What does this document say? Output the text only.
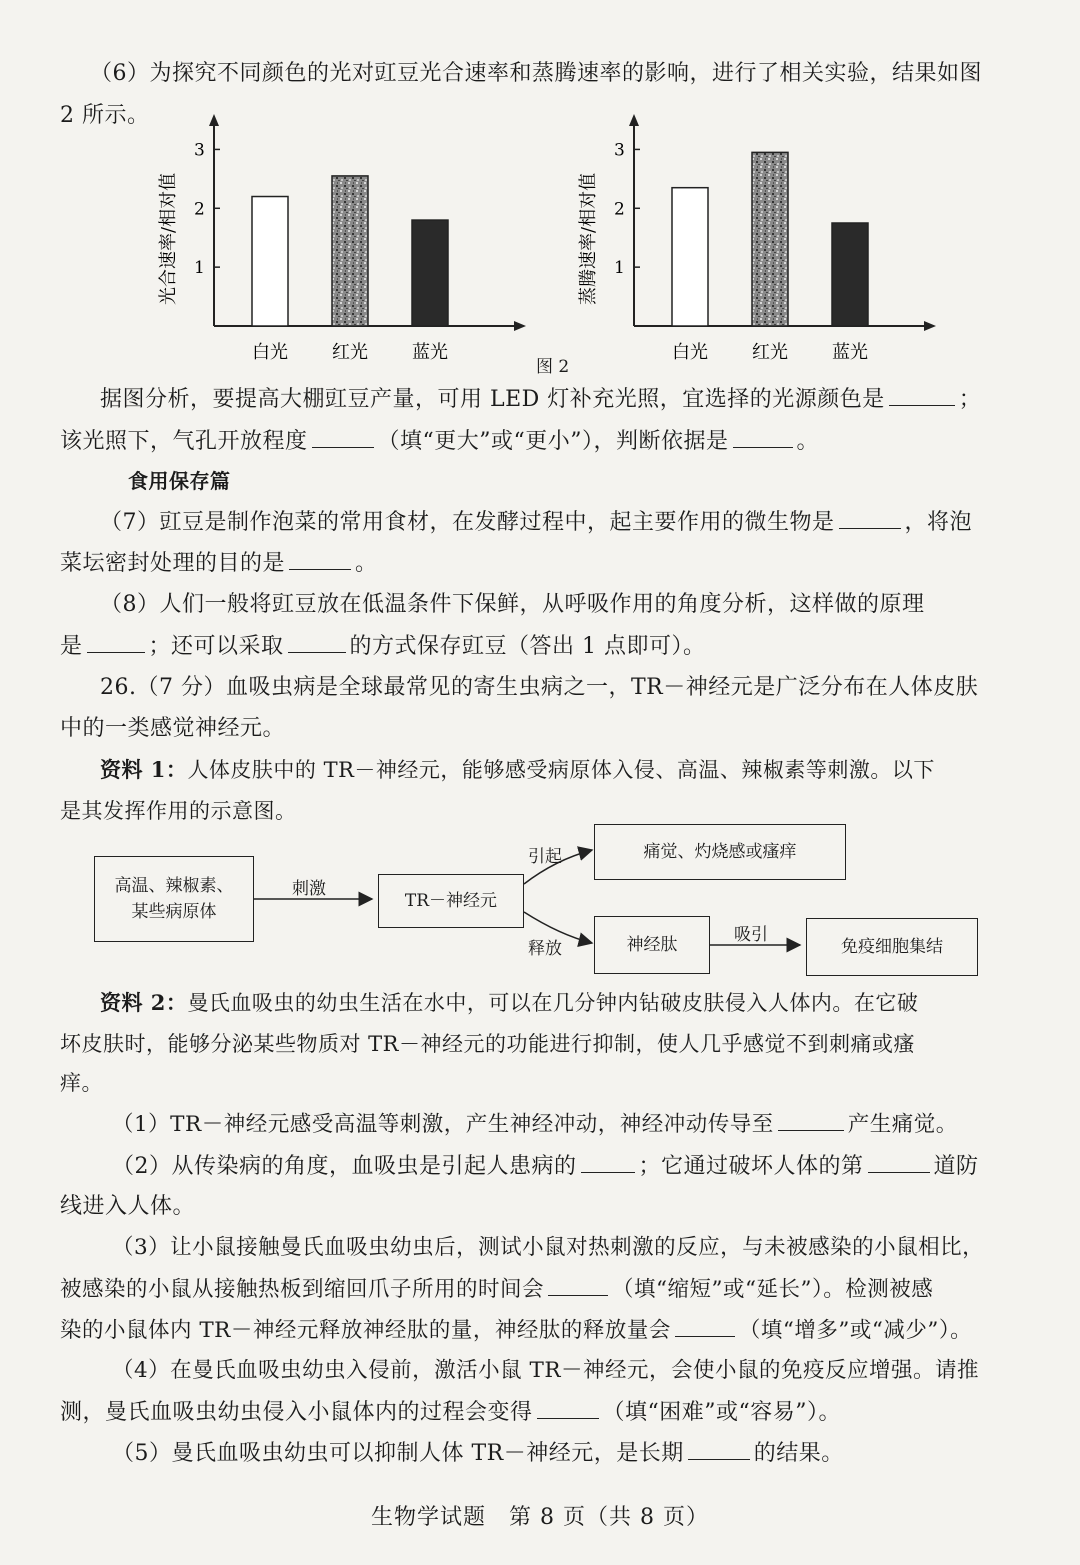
（6）为探究不同颜色的光对豇豆光合速率和蒸腾速率的影响，进行了相关实验，结果如图
2 所示。
光合速率/相对值 1
2
3
白光 红光 蓝光
蒸腾速率/相对值 1
2
3
白光 红光 蓝光
图 2
据图分析，要提高大棚豇豆产量，可用 LED 灯补充光照，宜选择的光源颜色是	；
该光照下，气孔开放程度	（填“更大”或“更小”），判断依据是	。
食用保存篇
（7）豇豆是制作泡菜的常用食材，在发酵过程中，起主要作用的微生物是	，将泡
菜坛密封处理的目的是	。
（8）人们一般将豇豆放在低温条件下保鲜，从呼吸作用的角度分析，这样做的原理
是	；还可以采取	的方式保存豇豆（答出 1 点即可）。
26.（7 分）血吸虫病是全球最常见的寄生虫病之一，TR－神经元是广泛分布在人体皮肤
中的一类感觉神经元。
资料 1：人体皮肤中的 TR－神经元，能够感受病原体入侵、高温、辣椒素等刺激。以下
是其发挥作用的示意图。
高温、辣椒素、
某些病原体
刺激
TR－神经元
引起	痛觉、灼烧感或瘙痒
释放	神经肽	吸引
免疫细胞集结
资料 2：曼氏血吸虫的幼虫生活在水中，可以在几分钟内钻破皮肤侵入人体内。在它破
坏皮肤时，能够分泌某些物质对 TR－神经元的功能进行抑制，使人几乎感觉不到刺痛或瘙
痒。
（1）TR－神经元感受高温等刺激，产生神经冲动，神经冲动传导至	产生痛觉。
（2）从传染病的角度，血吸虫是引起人患病的	；它通过破坏人体的第	道防
线进入人体。
（3）让小鼠接触曼氏血吸虫幼虫后，测试小鼠对热刺激的反应，与未被感染的小鼠相比，
被感染的小鼠从接触热板到缩回爪子所用的时间会	（填“缩短”或“延长”）。检测被感
染的小鼠体内 TR－神经元释放神经肽的量，神经肽的释放量会	（填“增多”或“减少”）。
（4）在曼氏血吸虫幼虫入侵前，激活小鼠 TR－神经元，会使小鼠的免疫反应增强。请推
测，曼氏血吸虫幼虫侵入小鼠体内的过程会变得	（填“困难”或“容易”）。
（5）曼氏血吸虫幼虫可以抑制人体 TR－神经元，是长期	的结果。
生物学试题　第 8 页（共 8 页）
